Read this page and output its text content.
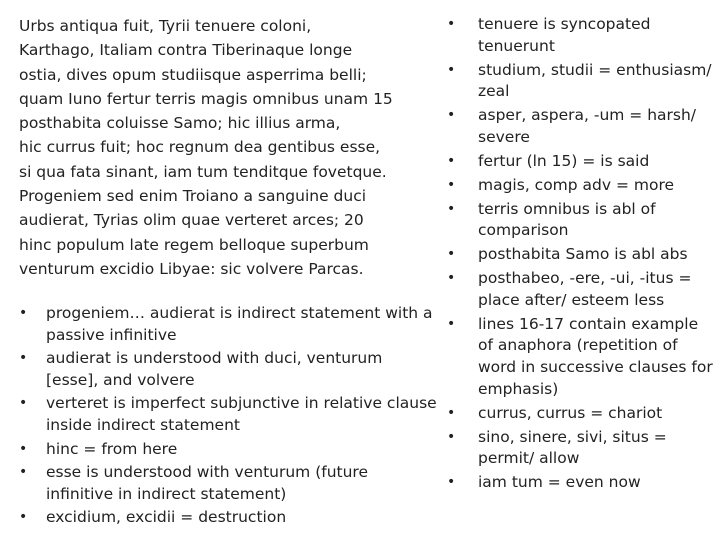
Urbs antiqua fuit, Tyrii tenuere coloni,
Karthago, Italiam contra Tiberinaque longe
ostia, dives opum studiisque asperrima belli;
quam Iuno fertur terris magis omnibus unam 15
posthabita coluisse Samo; hic illius arma,
hic currus fuit; hoc regnum dea gentibus esse,
si qua fata sinant, iam tum tenditque fovetque.
Progeniem sed enim Troiano a sanguine duci
audierat, Tyrias olim quae verteret arces; 20
hinc populum late regem belloque superbum
venturum excidio Libyae: sic volvere Parcas.
• progeniem… audierat is indirect statement with a passive infinitive
• audierat is understood with duci, venturum [esse], and volvere
• verteret is imperfect subjunctive in relative clause inside indirect statement
• hinc = from here
• esse is understood with venturum (future infinitive in indirect statement)
• excidium, excidii = destruction
• tenuere is syncopated tenuerunt
• studium, studii = enthusiasm/ zeal
• asper, aspera, -um = harsh/ severe
• fertur (ln 15) = is said
• magis, comp adv = more
• terris omnibus is abl of comparison
• posthabita Samo is abl abs
• posthabeo, -ere, -ui, -itus = place after/ esteem less
• lines 16-17 contain example of anaphora (repetition of word in successive clauses for emphasis)
• currus, currus = chariot
• sino, sinere, sivi, situs = permit/ allow
• iam tum = even now
